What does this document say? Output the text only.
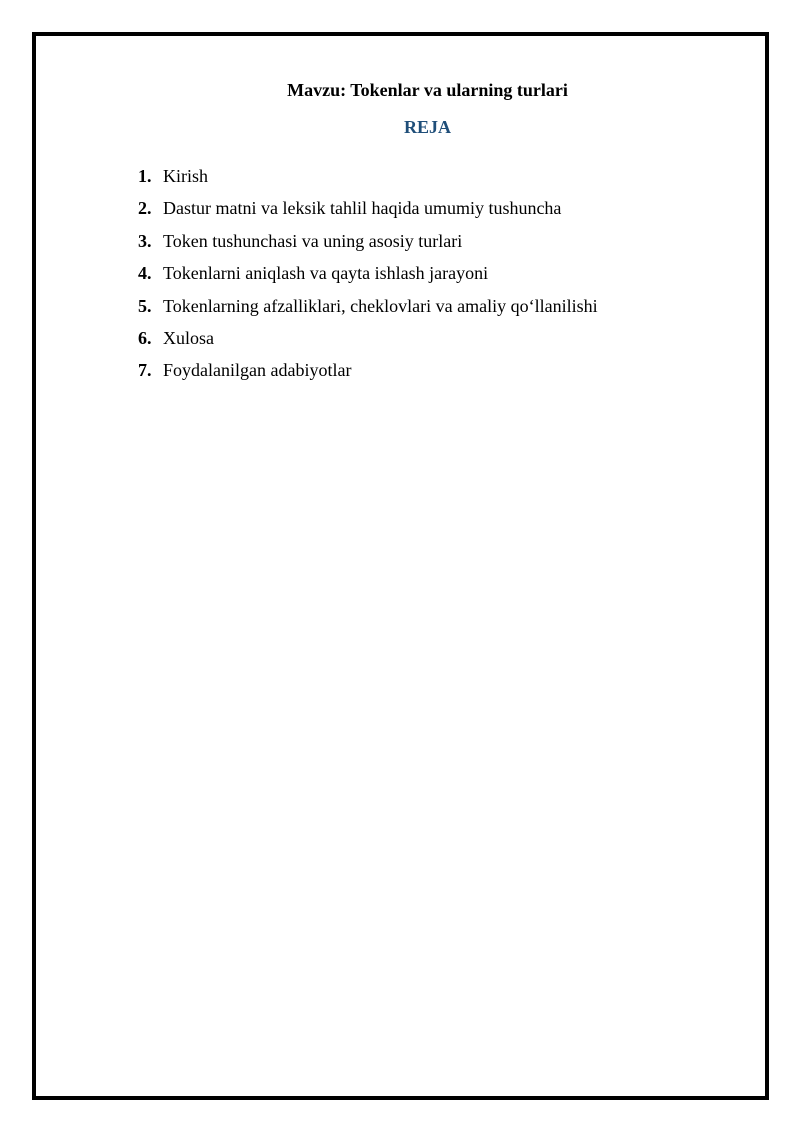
Mavzu: Tokenlar va ularning turlari
REJA
1. Kirish
2. Dastur matni va leksik tahlil haqida umumiy tushuncha
3. Token tushunchasi va uning asosiy turlari
4. Tokenlarni aniqlash va qayta ishlash jarayoni
5. Tokenlarning afzalliklari, cheklovlari va amaliy qo‘llanilishi
6. Xulosa
7. Foydalanilgan adabiyotlar
